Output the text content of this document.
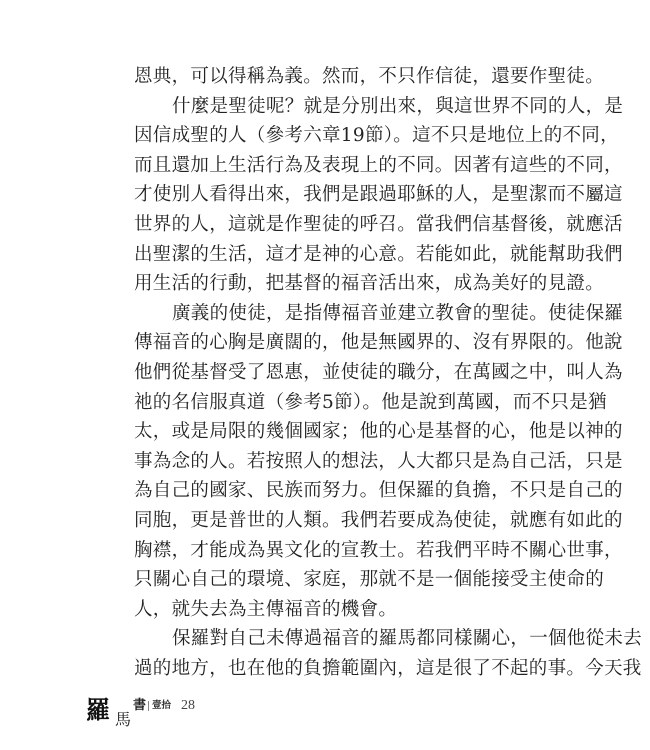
恩典，可以得稱為義。然而，不只作信徒，還要作聖徒。
什麼是聖徒呢？就是分別出來，與這世界不同的人，是
因信成聖的人（參考六章19節）。這不只是地位上的不同，
而且還加上生活行為及表現上的不同。因著有這些的不同，
才使別人看得出來，我們是跟過耶穌的人，是聖潔而不屬這
世界的人，這就是作聖徒的呼召。當我們信基督後，就應活
出聖潔的生活，這才是神的心意。若能如此，就能幫助我們
用生活的行動，把基督的福音活出來，成為美好的見證。
廣義的使徒，是指傳福音並建立教會的聖徒。使徒保羅
傳福音的心胸是廣闊的，他是無國界的、沒有界限的。他說
他們從基督受了恩惠，並使徒的職分，在萬國之中，叫人為
祂的名信服真道（參考5節）。他是說到萬國，而不只是猶
太，或是局限的幾個國家；他的心是基督的心，他是以神的
事為念的人。若按照人的想法，人大都只是為自己活，只是
為自己的國家、民族而努力。但保羅的負擔，不只是自己的
同胞，更是普世的人類。我們若要成為使徒，就應有如此的
胸襟，才能成為異文化的宣教士。若我們平時不關心世事，
只關心自己的環境、家庭，那就不是一個能接受主使命的
人，就失去為主傳福音的機會。
保羅對自己未傳過福音的羅馬都同樣關心，一個他從未去
過的地方，也在他的負擔範圍內，這是很了不起的事。今天我
羅 馬
書 壹拾 28
